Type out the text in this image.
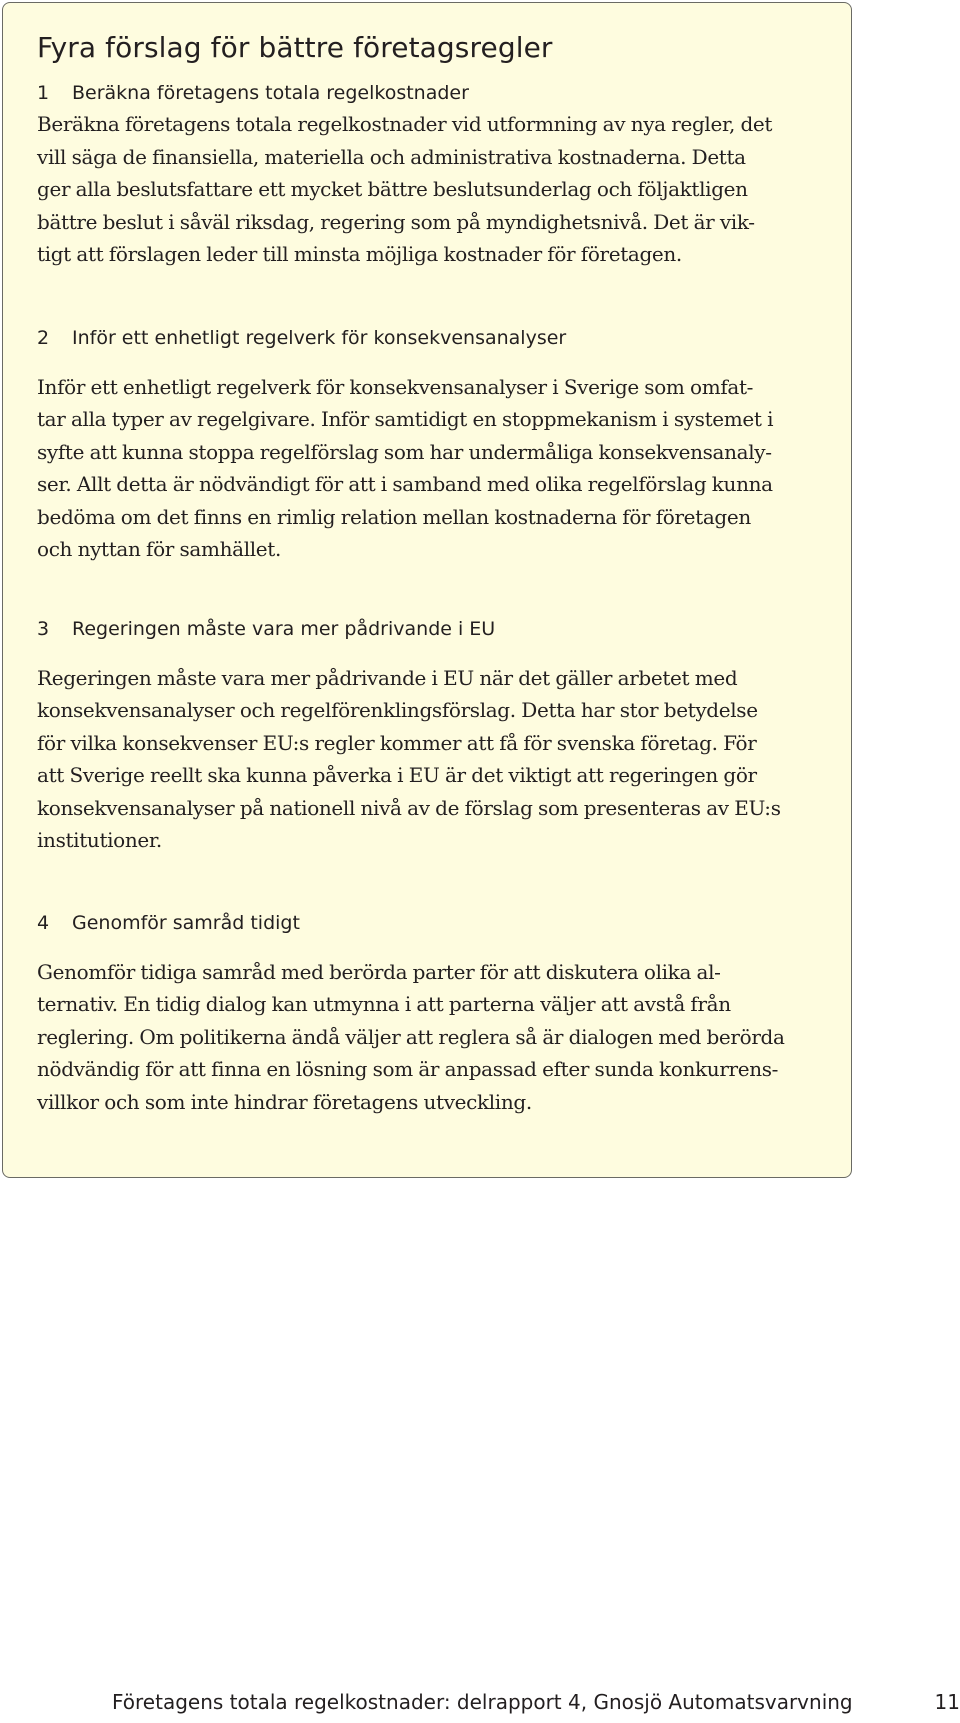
Fyra förslag för bättre företagsregler
1	Beräkna företagens totala regelkostnader
Beräkna företagens totala regelkostnader vid utformning av nya regler, det
vill säga de finansiella, materiella och administrativa kostnaderna. Detta
ger alla beslutsfattare ett mycket bättre beslutsunderlag och följaktligen
bättre beslut i såväl riksdag, regering som på myndighetsnivå. Det är vik-
tigt att förslagen leder till minsta möjliga kostnader för företagen.
2	Inför ett enhetligt regelverk för konsekvensanalyser
Inför ett enhetligt regelverk för konsekvensanalyser i Sverige som omfat-
tar alla typer av regelgivare. Inför samtidigt en stoppmekanism i systemet i
syfte att kunna stoppa regelförslag som har undermåliga konsekvensanaly-
ser. Allt detta är nödvändigt för att i samband med olika regelförslag kunna
bedöma om det finns en rimlig relation mellan kostnaderna för företagen
och nyttan för samhället.
3	Regeringen måste vara mer pådrivande i EU
Regeringen måste vara mer pådrivande i EU när det gäller arbetet med
konsekvensanalyser och regelförenklingsförslag. Detta har stor betydelse
för vilka konsekvenser EU:s regler kommer att få för svenska företag. För
att Sverige reellt ska kunna påverka i EU är det viktigt att regeringen gör
konsekvensanalyser på nationell nivå av de förslag som presenteras av EU:s
institutioner.
4	Genomför samråd tidigt
Genomför tidiga samråd med berörda parter för att diskutera olika al-
ternativ. En tidig dialog kan utmynna i att parterna väljer att avstå från
reglering. Om politikerna ändå väljer att reglera så är dialogen med berörda
nödvändig för att finna en lösning som är anpassad efter sunda konkurrens-
villkor och som inte hindrar företagens utveckling.
Företagens totala regelkostnader: delrapport 4, Gnosjö Automatsvarvning	11
